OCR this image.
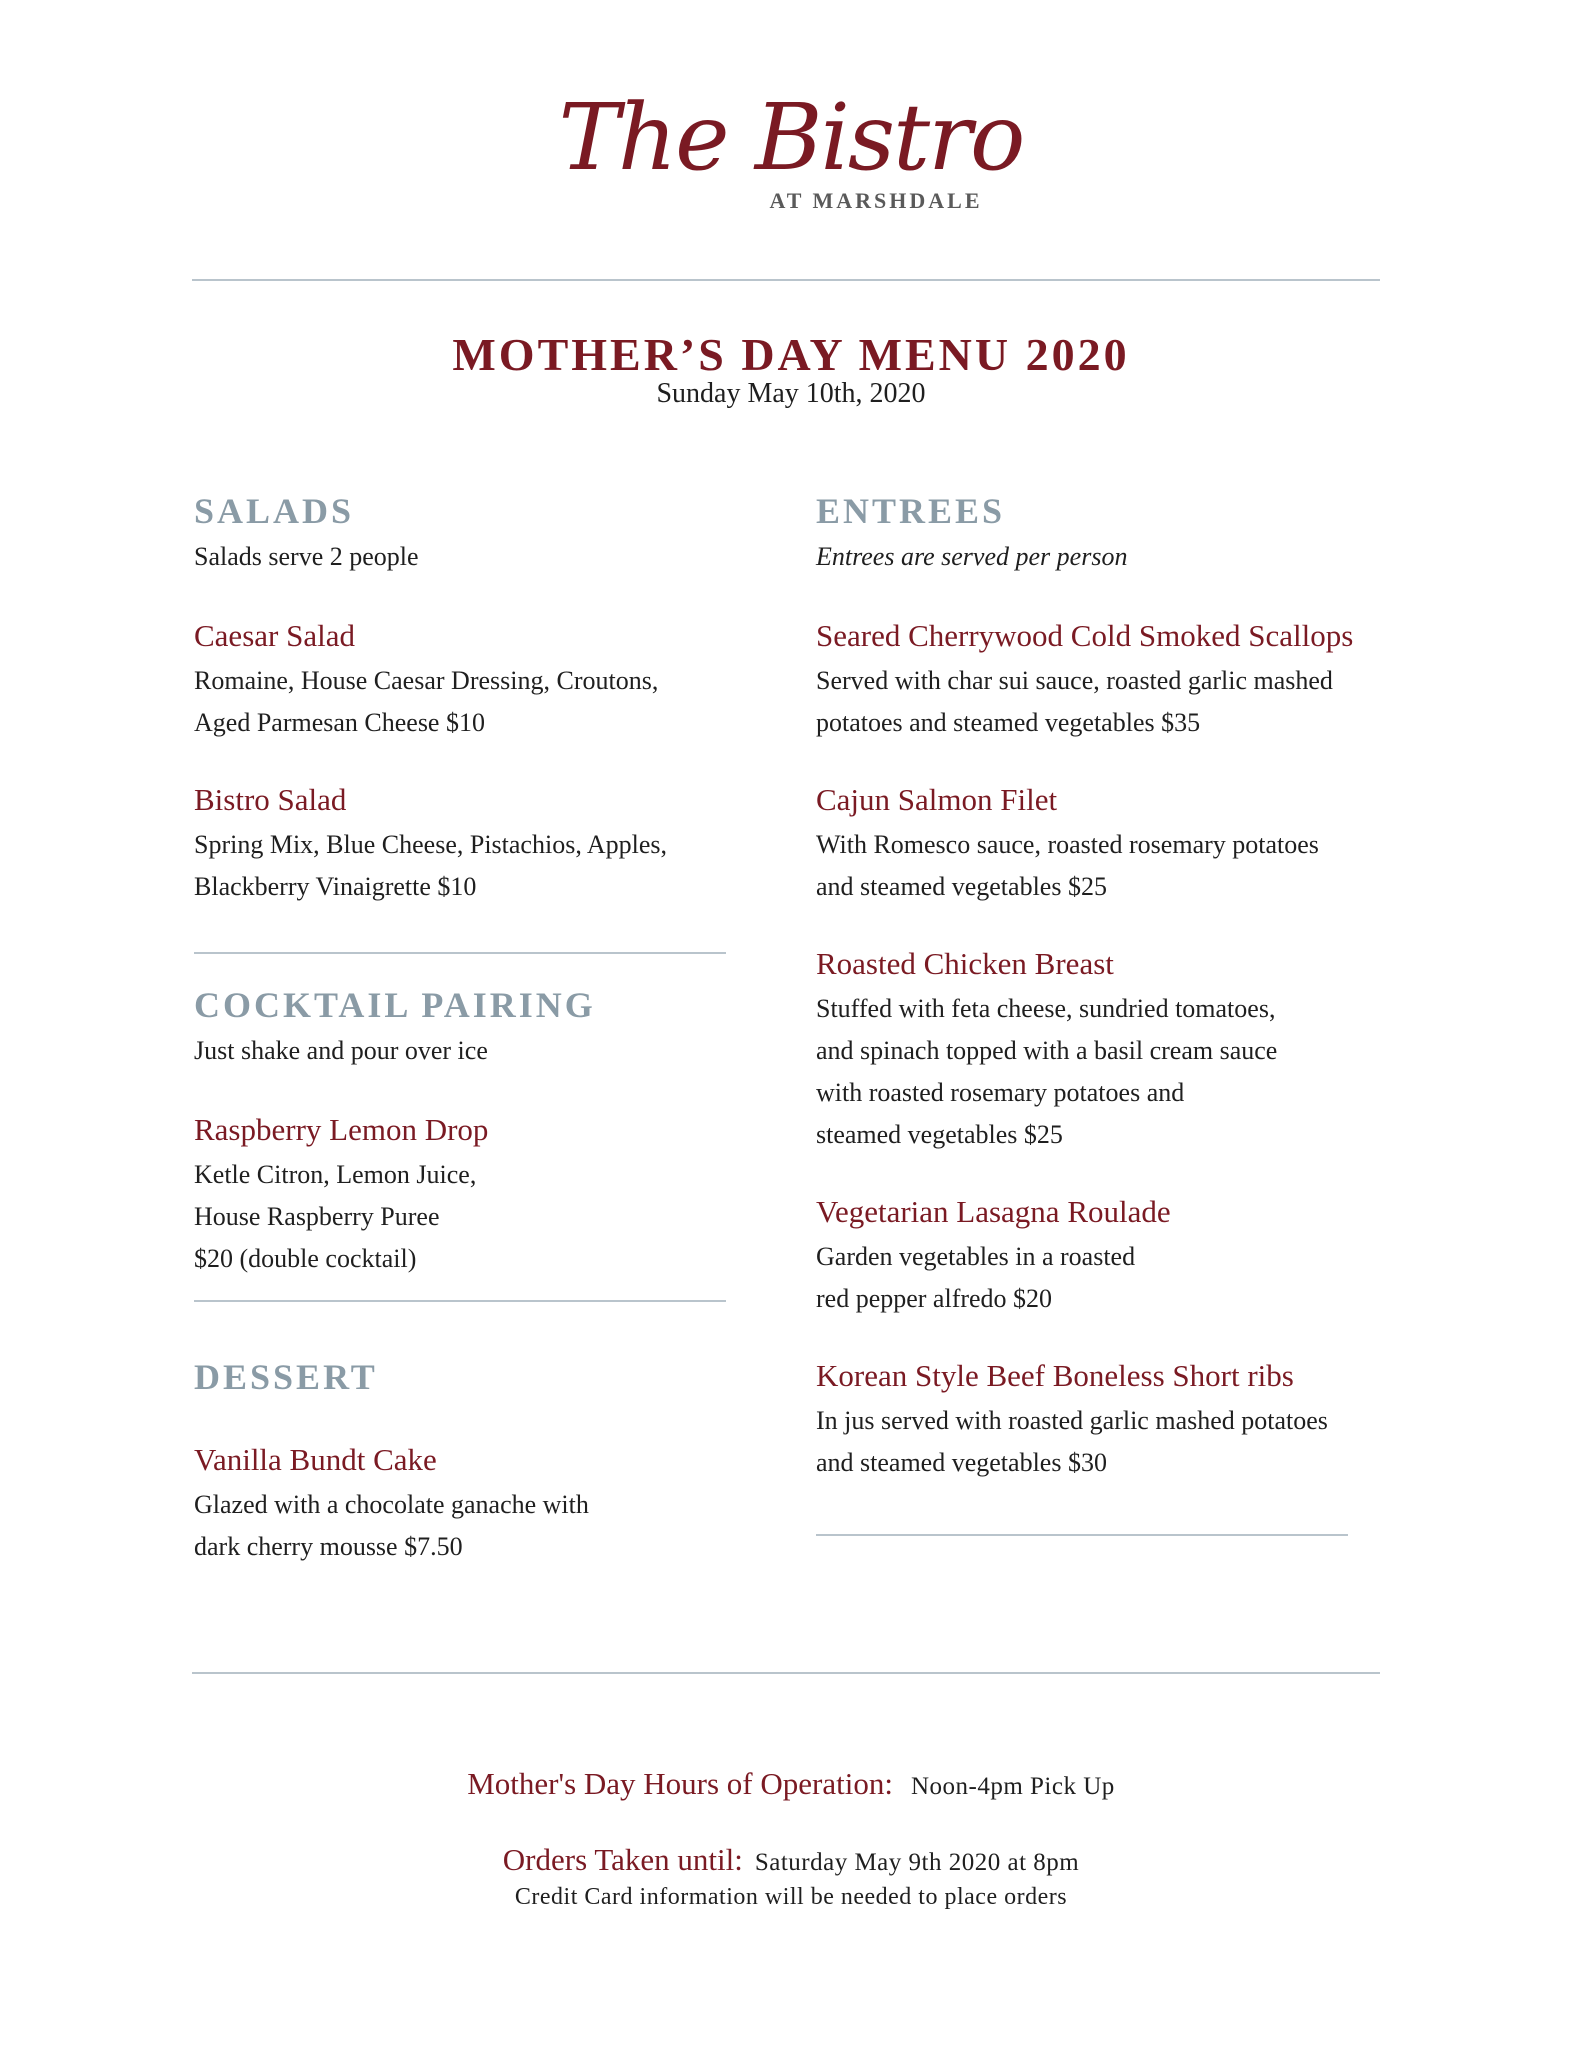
The Bistro
AT MARSHDALE
MOTHER’S DAY MENU 2020
Sunday May 10th, 2020
SALADS
Salads serve 2 people
Caesar Salad
Romaine, House Caesar Dressing, Croutons,
Aged Parmesan Cheese $10
Bistro Salad
Spring Mix, Blue Cheese, Pistachios, Apples,
Blackberry Vinaigrette $10
COCKTAIL PAIRING
Just shake and pour over ice
Raspberry Lemon Drop
Ketle Citron, Lemon Juice,
House Raspberry Puree
$20 (double cocktail)
DESSERT
Vanilla Bundt Cake
Glazed with a chocolate ganache with
dark cherry mousse $7.50
ENTREES
Entrees are served per person
Seared Cherrywood Cold Smoked Scallops
Served with char sui sauce, roasted garlic mashed
potatoes and steamed vegetables $35
Cajun Salmon Filet
With Romesco sauce, roasted rosemary potatoes
and steamed vegetables $25
Roasted Chicken Breast
Stuffed with feta cheese, sundried tomatoes,
and spinach topped with a basil cream sauce
with roasted rosemary potatoes and
steamed vegetables $25
Vegetarian Lasagna Roulade
Garden vegetables in a roasted
red pepper alfredo $20
Korean Style Beef Boneless Short ribs
In jus served with roasted garlic mashed potatoes
and steamed vegetables $30
Mother's Day Hours of Operation: Noon-4pm Pick Up
Orders Taken until: Saturday May 9th 2020 at 8pm
Credit Card information will be needed to place orders
